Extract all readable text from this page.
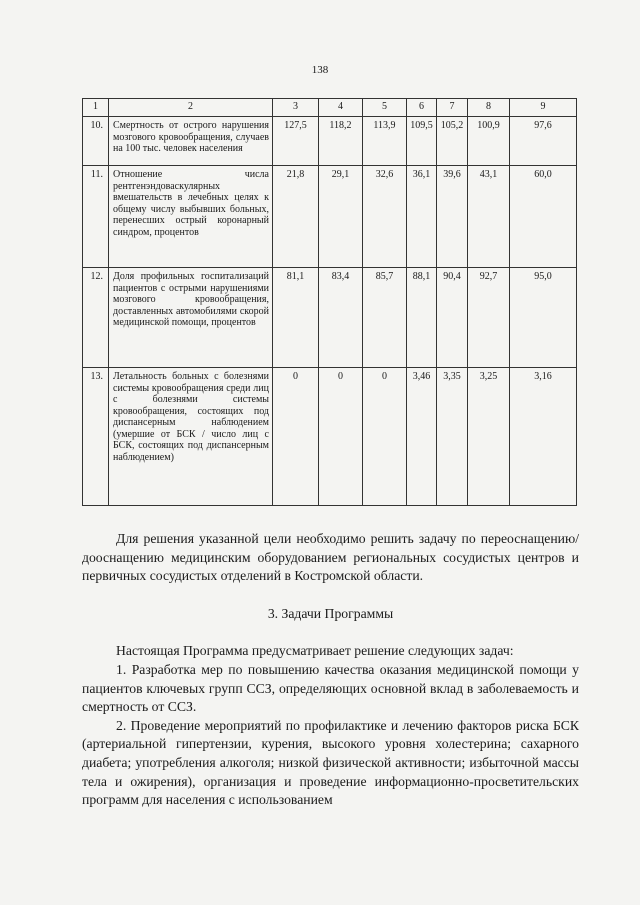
138
1	2	3	4	5	6	7	8	9
10.	Смертность от острого нарушения мозгового кровообращения, случаев на 100 тыс. человек населения	127,5	118,2	113,9	109,5	105,2	100,9	97,6
11.	Отношение числа рентгенэндоваскулярных вмешательств в лечебных целях к общему числу выбывших больных, перенесших острый коронарный синдром, процентов	21,8	29,1	32,6	36,1	39,6	43,1	60,0
12.	Доля профильных госпитализаций пациентов с острыми нарушениями мозгового кровообращения, доставленных автомобилями скорой медицинской помощи, процентов	81,1	83,4	85,7	88,1	90,4	92,7	95,0
13.	Летальность больных с болезнями системы кровообращения среди лиц с болезнями системы кровообращения, состоящих под диспансерным наблюдением (умершие от БСК / число лиц с БСК, состоящих под диспансерным наблюдением)	0	0	0	3,46	3,35	3,25	3,16

Для решения указанной цели необходимо решить задачу по переоснащению/дооснащению медицинским оборудованием региональных сосудистых центров и первичных сосудистых отделений в Костромской области.

3. Задачи Программы

Настоящая Программа предусматривает решение следующих задач:

1. Разработка мер по повышению качества оказания медицинской помощи у пациентов ключевых групп ССЗ, определяющих основной вклад в заболеваемость и смертность от ССЗ.

2. Проведение мероприятий по профилактике и лечению факторов риска БСК (артериальной гипертензии, курения, высокого уровня холестерина; сахарного диабета; употребления алкоголя; низкой физической активности; избыточной массы тела и ожирения), организация и проведение информационно-просветительских программ для населения с использованием
